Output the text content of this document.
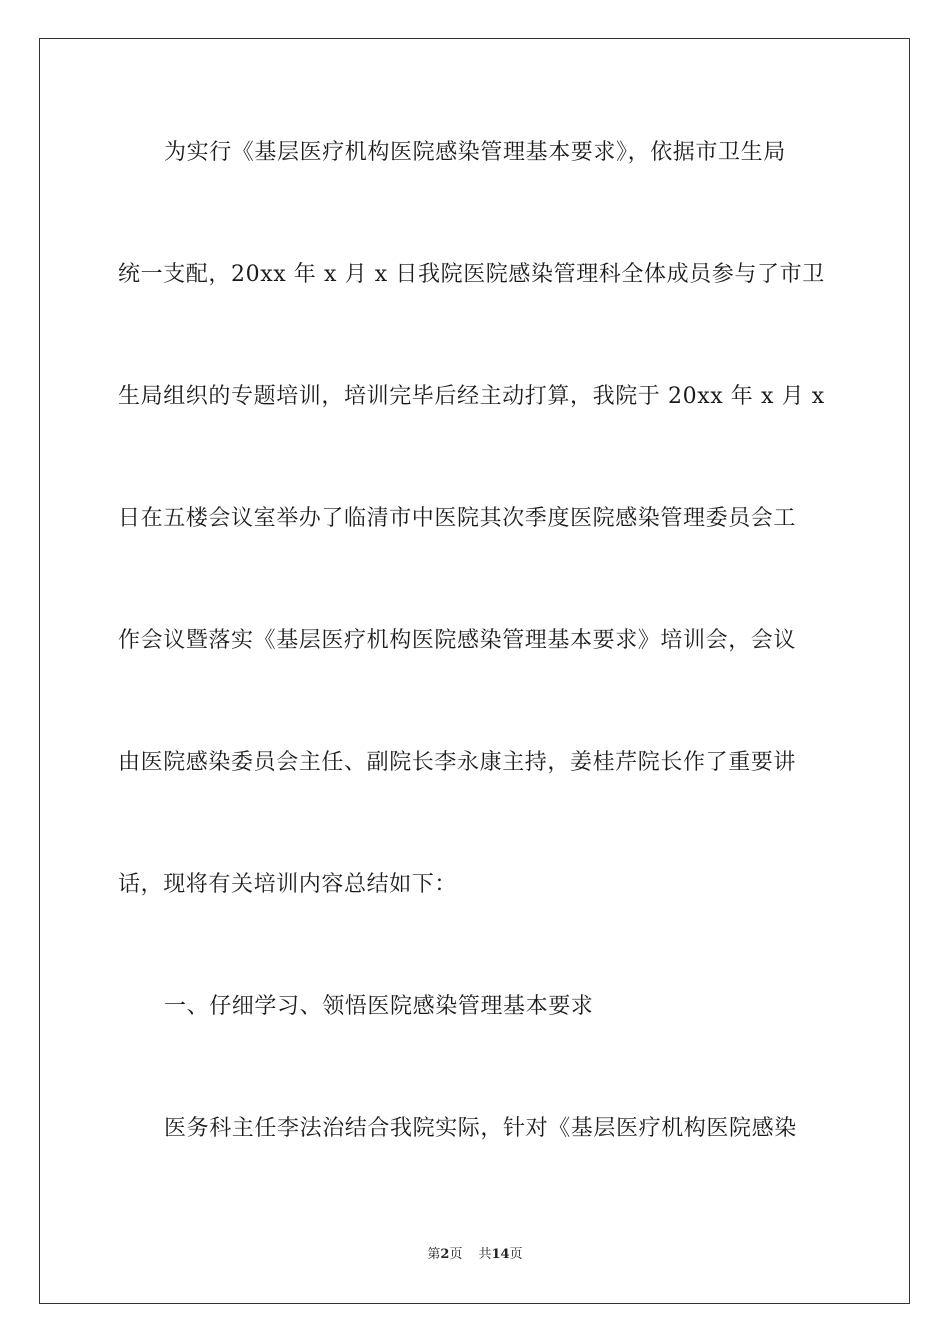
为实行《基层医疗机构医院感染管理基本要求》，依据市卫生局
统一支配，20xx 年 x 月 x 日我院医院感染管理科全体成员参与了市卫
生局组织的专题培训，培训完毕后经主动打算，我院于 20xx 年 x 月 x
日在五楼会议室举办了临清市中医院其次季度医院感染管理委员会工
作会议暨落实《基层医疗机构医院感染管理基本要求》培训会，会议
由医院感染委员会主任、副院长李永康主持，姜桂芹院长作了重要讲
话，现将有关培训内容总结如下：
一、仔细学习、领悟医院感染管理基本要求
医务科主任李法治结合我院实际，针对《基层医疗机构医院感染
第2页 共14页
